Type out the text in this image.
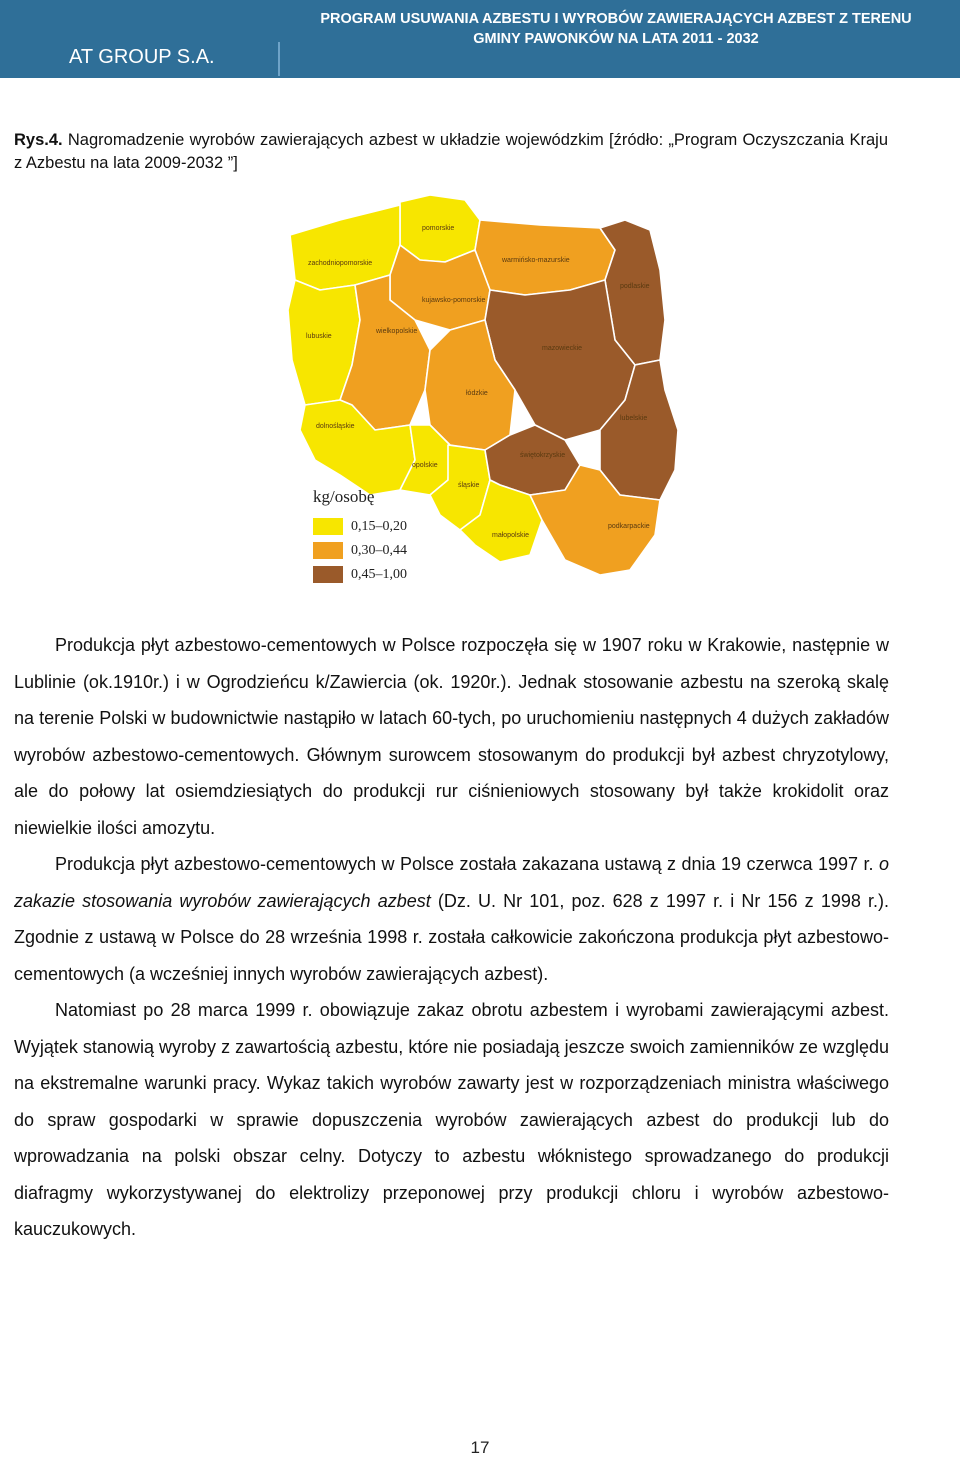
AT GROUP S.A.
PROGRAM USUWANIA AZBESTU I WYROBÓW ZAWIERAJĄCYCH AZBEST Z TERENU
GMINY PAWONKÓW NA LATA 2011 - 2032
Rys.4. Nagromadzenie wyrobów zawierających azbest w układzie wojewódzkim [źródło: „Program Oczyszczania Kraju z Azbestu na lata 2009-2032 ”]
pomorskie
zachodniopomorskie	warmińsko-mazurskie
podlaskie
kujawsko-pomorskie
lubuskie
wielkopolskie
mazowieckie
łódzkie
lubelskie
dolnośląskie
opolskie
śląskie
świętokrzyskie
małopolskie
podkarpackie
kg/osobę
0,15–0,20
0,30–0,44
0,45–1,00

Produkcja płyt azbestowo-cementowych w Polsce rozpoczęła się w 1907 roku w Krakowie, następnie w Lublinie (ok.1910r.) i w Ogrodzieńcu k/Zawiercia (ok. 1920r.). Jednak stosowanie azbestu na szeroką skalę na terenie Polski w budownictwie nastąpiło w latach 60-tych, po uruchomieniu następnych 4 dużych zakładów wyrobów azbestowo-cementowych. Głównym surowcem stosowanym do produkcji był azbest chryzotylowy, ale do połowy lat osiemdziesiątych do produkcji rur ciśnieniowych stosowany był także krokidolit oraz niewielkie ilości amozytu.

Produkcja płyt azbestowo-cementowych w Polsce została zakazana ustawą z dnia 19 czerwca 1997 r. o zakazie stosowania wyrobów zawierających azbest (Dz. U. Nr 101, poz. 628 z 1997 r. i Nr 156 z 1998 r.). Zgodnie z ustawą w Polsce do 28 września 1998 r. została całkowicie zakończona produkcja płyt azbestowo-cementowych (a wcześniej innych wyrobów zawierających azbest).

Natomiast po 28 marca 1999 r. obowiązuje zakaz obrotu azbestem i wyrobami zawierającymi azbest. Wyjątek stanowią wyroby z zawartością azbestu, które nie posiadają jeszcze swoich zamienników ze względu na ekstremalne warunki pracy. Wykaz takich wyrobów zawarty jest w rozporządzeniach ministra właściwego do spraw gospodarki w sprawie dopuszczenia wyrobów zawierających azbest do produkcji lub do wprowadzania na polski obszar celny. Dotyczy to azbestu włóknistego sprowadzanego do produkcji diafragmy wykorzystywanej do elektrolizy przeponowej przy produkcji chloru i wyrobów azbestowo-kauczukowych.

17
